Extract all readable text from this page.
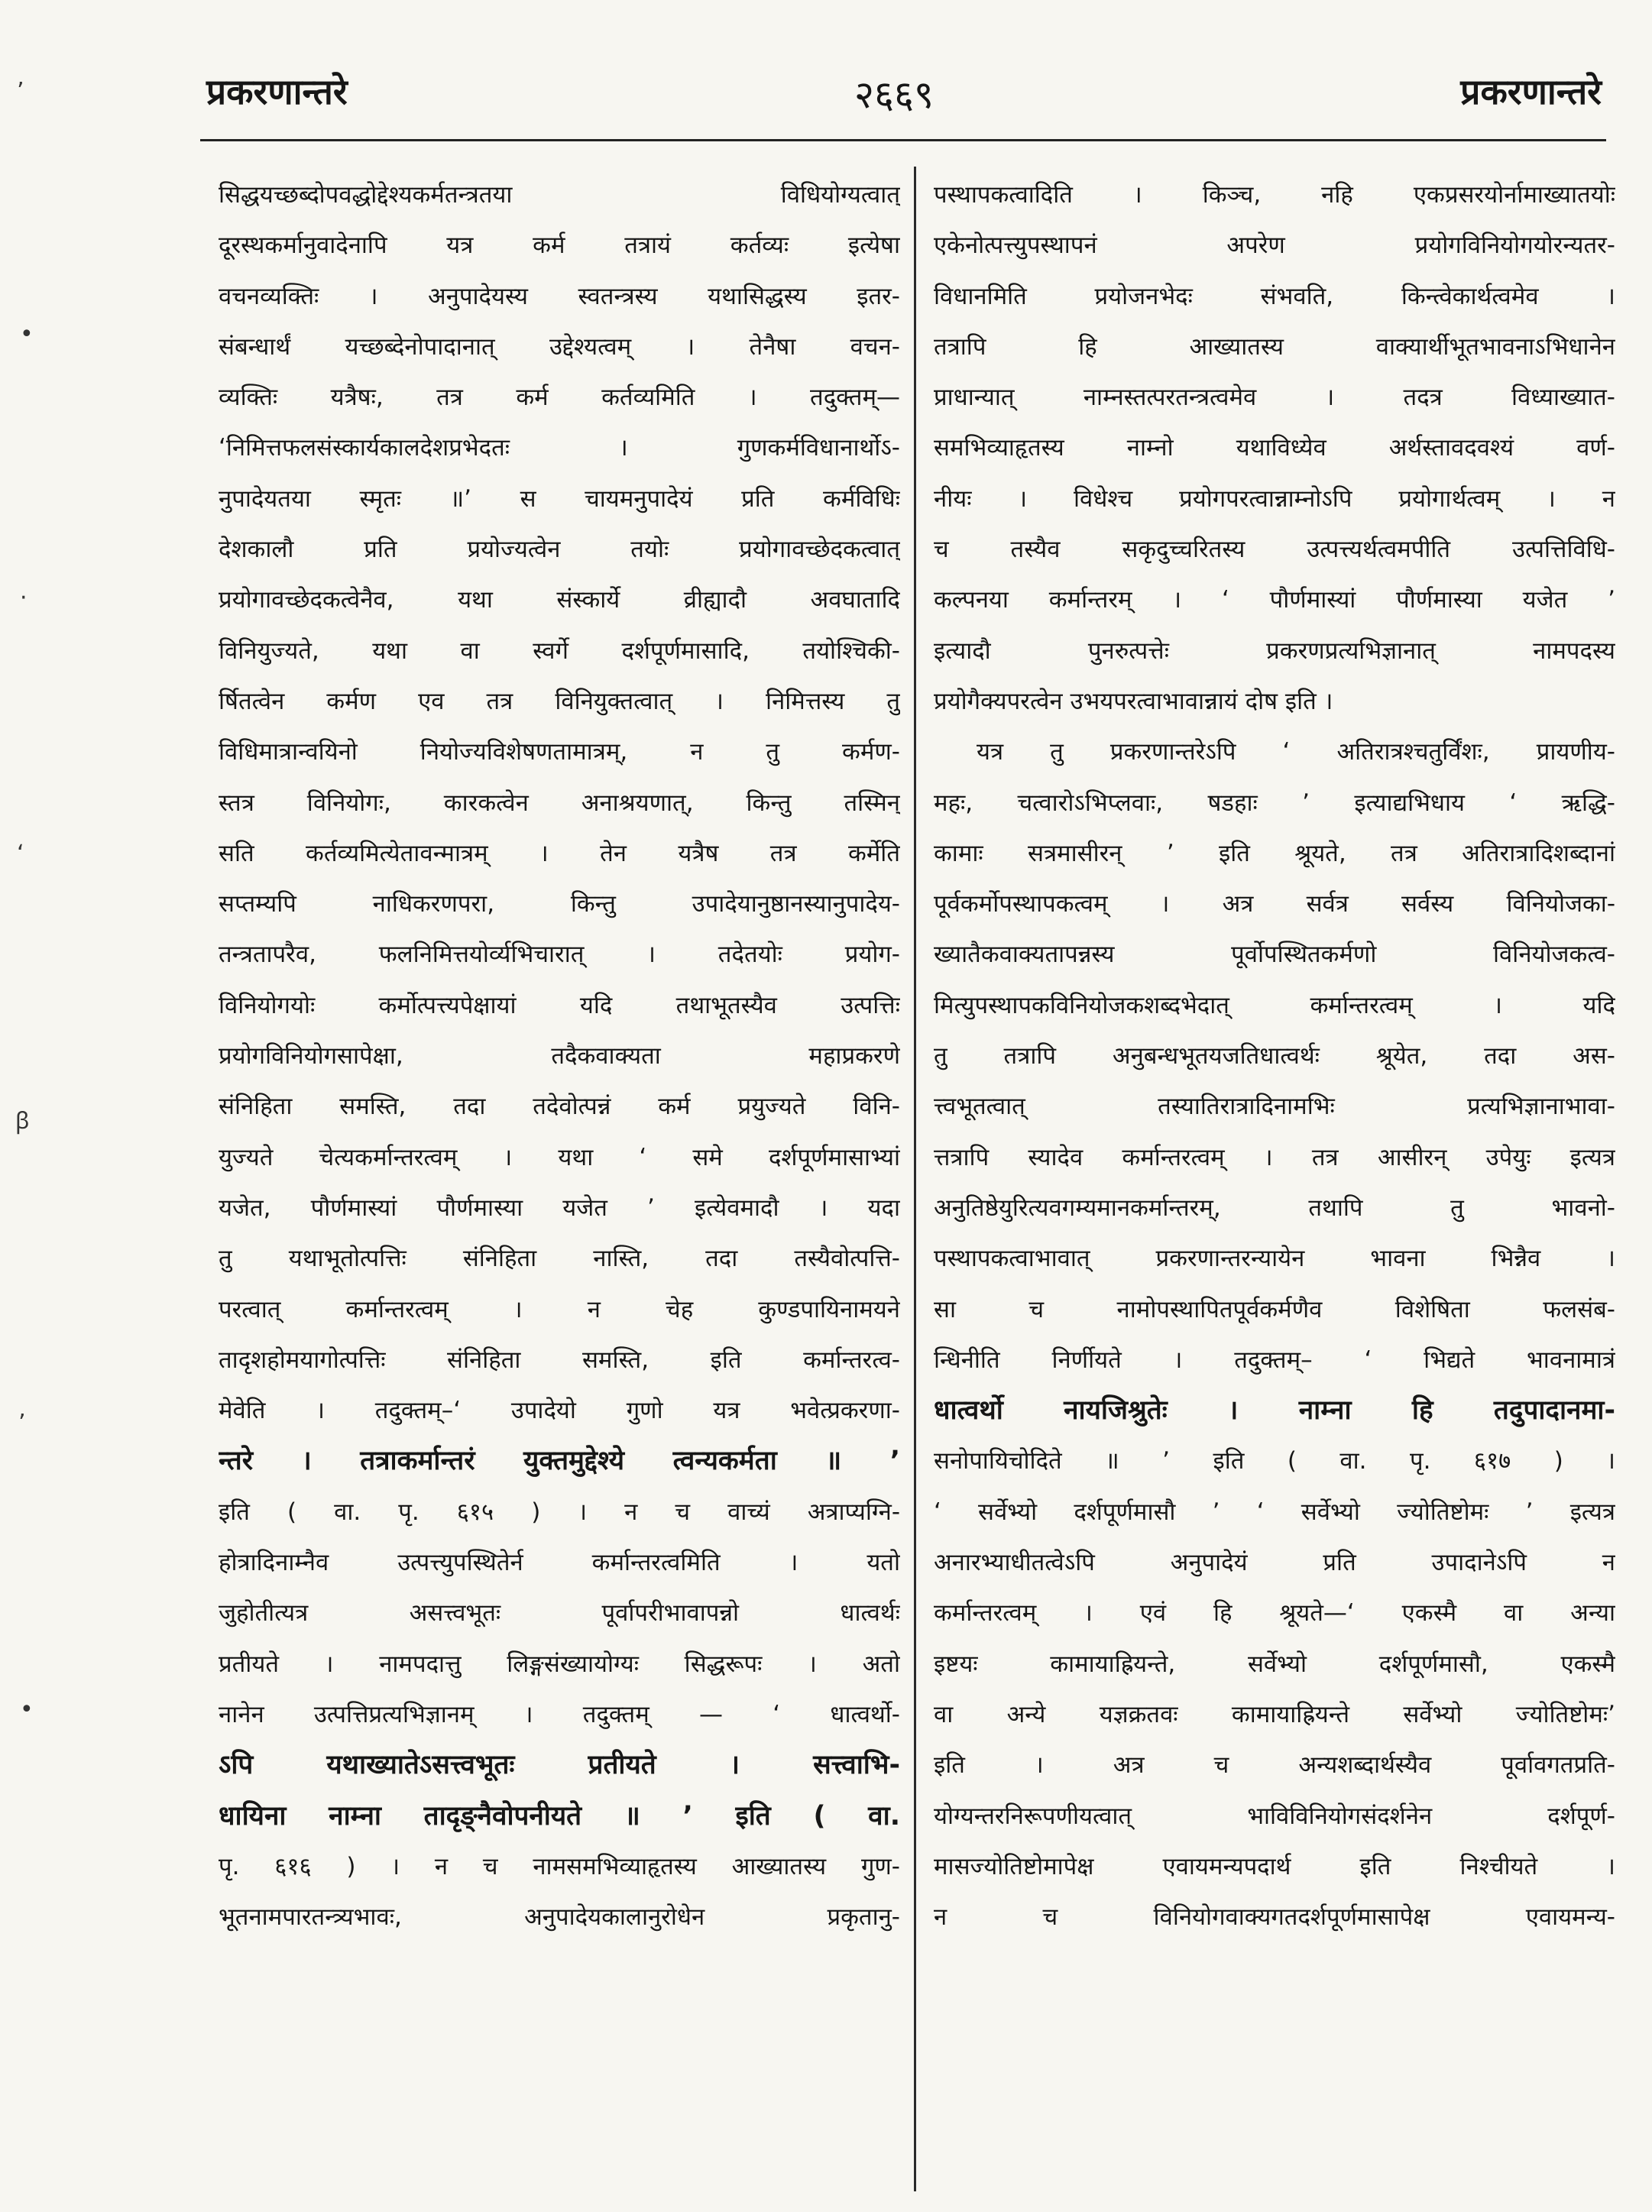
ʼ
•
·
ʻ
ꞵ
ʼ
•
प्रकरणान्तरे	२६६९	प्रकरणान्तरे
सिद्धयच्छब्दोपवद्धोद्देश्यकर्मतन्त्रतया विधियोग्यत्वात्
दूरस्थकर्मानुवादेनापि यत्र कर्म तत्रायं कर्तव्यः इत्येषा
वचनव्यक्तिः । अनुपादेयस्य स्वतन्त्रस्य यथासिद्धस्य इतर-
संबन्धार्थं यच्छब्देनोपादानात् उद्देश्यत्वम् । तेनैषा वचन-
व्यक्तिः यत्रैषः, तत्र कर्म कर्तव्यमिति । तदुक्तम्—
‘निमित्तफलसंस्कार्यकालदेशप्रभेदतः । गुणकर्मविधानार्थोऽ-
नुपादेयतया स्मृतः ॥’ स चायमनुपादेयं प्रति कर्मविधिः
देशकालौ प्रति प्रयोज्यत्वेन तयोः प्रयोगावच्छेदकत्वात्
प्रयोगावच्छेदकत्वेनैव, यथा संस्कार्ये व्रीह्यादौ अवघातादि
विनियुज्यते, यथा वा स्वर्गे दर्शपूर्णमासादि, तयोश्चिकी-
र्षितत्वेन कर्मण एव तत्र विनियुक्तत्वात् । निमित्तस्य तु
विधिमात्रान्वयिनो नियोज्यविशेषणतामात्रम्, न तु कर्मण-
स्तत्र विनियोगः, कारकत्वेन अनाश्रयणात्, किन्तु तस्मिन्
सति कर्तव्यमित्येतावन्मात्रम् । तेन यत्रैष तत्र कर्मेति
सप्तम्यपि नाधिकरणपरा, किन्तु उपादेयानुष्ठानस्यानुपादेय-
तन्त्रतापरैव, फलनिमित्तयोर्व्यभिचारात् । तदेतयोः प्रयोग-
विनियोगयोः कर्मोत्पत्त्यपेक्षायां यदि तथाभूतस्यैव उत्पत्तिः
प्रयोगविनियोगसापेक्षा, तदैकवाक्यता महाप्रकरणे
संनिहिता समस्ति, तदा तदेवोत्पन्नं कर्म प्रयुज्यते विनि-
युज्यते चेत्यकर्मान्तरत्वम् । यथा ‘ समे दर्शपूर्णमासाभ्यां
यजेत, पौर्णमास्यां पौर्णमास्या यजेत ’ इत्येवमादौ । यदा
तु यथाभूतोत्पत्तिः संनिहिता नास्ति, तदा तस्यैवोत्पत्ति-
परत्वात् कर्मान्तरत्वम् । न चेह कुण्डपायिनामयने
तादृशहोमयागोत्पत्तिः संनिहिता समस्ति, इति कर्मान्तरत्व-
मेवेति । तदुक्तम्–‘ उपादेयो गुणो यत्र भवेत्प्रकरणा-
न्तरे । तत्राकर्मान्तरं युक्तमुद्देश्ये त्वन्यकर्मता ॥ ’
इति ( वा. पृ. ६१५ ) । न च वाच्यं अत्राप्यग्नि-
होत्रादिनाम्नैव उत्पत्त्युपस्थितेर्न कर्मान्तरत्वमिति । यतो
जुहोतीत्यत्र असत्त्वभूतः पूर्वापरीभावापन्नो धात्वर्थः
प्रतीयते । नामपदात्तु लिङ्गसंख्यायोग्यः सिद्धरूपः । अतो
नानेन उत्पत्तिप्रत्यभिज्ञानम् । तदुक्तम् — ‘ धात्वर्थो-
ऽपि यथाख्यातेऽसत्त्वभूतः प्रतीयते । सत्त्वाभि-
धायिना नाम्ना तादृङ्नैवोपनीयते ॥ ’ इति ( वा.
पृ. ६१६ ) । न च नामसमभिव्याहृतस्य आख्यातस्य गुण-
भूतनामपारतन्त्र्यभावः, अनुपादेयकालानुरोधेन प्रकृतानु-
पस्थापकत्वादिति । किञ्च, नहि एकप्रसरयोर्नामाख्यातयोः
एकेनोत्पत्त्युपस्थापनं अपरेण प्रयोगविनियोगयोरन्यतर-
विधानमिति प्रयोजनभेदः संभवति, किन्त्वेकार्थत्वमेव ।
तत्रापि हि आख्यातस्य वाक्यार्थीभूतभावनाऽभिधानेन
प्राधान्यात् नाम्नस्तत्परतन्त्रत्वमेव । तदत्र विध्याख्यात-
समभिव्याहृतस्य नाम्नो यथाविध्येव अर्थस्तावदवश्यं वर्ण-
नीयः । विधेश्च प्रयोगपरत्वान्नाम्नोऽपि प्रयोगार्थत्वम् । न
च तस्यैव सकृदुच्चरितस्य उत्पत्त्यर्थत्वमपीति उत्पत्तिविधि-
कल्पनया कर्मान्तरम् । ‘ पौर्णमास्यां पौर्णमास्या यजेत ’
इत्यादौ पुनरुत्पत्तेः प्रकरणप्रत्यभिज्ञानात् नामपदस्य
प्रयोगैक्यपरत्वेन उभयपरत्वाभावान्नायं दोष इति ।
यत्र तु प्रकरणान्तरेऽपि ‘ अतिरात्रश्चतुर्विंशः, प्रायणीय-
महः, चत्वारोऽभिप्लवाः, षडहाः ’ इत्याद्यभिधाय ‘ ऋद्धि-
कामाः सत्रमासीरन् ’ इति श्रूयते, तत्र अतिरात्रादिशब्दानां
पूर्वकर्मोपस्थापकत्वम् । अत्र सर्वत्र सर्वस्य विनियोजका-
ख्यातैकवाक्यतापन्नस्य पूर्वोपस्थितकर्मणो विनियोजकत्व-
मित्युपस्थापकविनियोजकशब्दभेदात् कर्मान्तरत्वम् । यदि
तु तत्रापि अनुबन्धभूतयजतिधात्वर्थः श्रूयेत, तदा अस-
त्त्वभूतत्वात् तस्यातिरात्रादिनामभिः प्रत्यभिज्ञानाभावा-
त्तत्रापि स्यादेव कर्मान्तरत्वम् । तत्र आसीरन् उपेयुः इत्यत्र
अनुतिष्ठेयुरित्यवगम्यमानकर्मान्तरम्, तथापि तु भावनो-
पस्थापकत्वाभावात् प्रकरणान्तरन्यायेन भावना भिन्नैव ।
सा च नामोपस्थापितपूर्वकर्मणैव विशेषिता फलसंब-
न्धिनीति निर्णीयते । तदुक्तम्– ‘ भिद्यते भावनामात्रं
धात्वर्थो नायजिश्रुतेः । नाम्ना हि तदुपादानमा-
सनोपायिचोदिते ॥ ’ इति ( वा. पृ. ६१७ ) ।
‘ सर्वेभ्यो दर्शपूर्णमासौ ’ ‘ सर्वेभ्यो ज्योतिष्टोमः ’ इत्यत्र
अनारभ्याधीतत्वेऽपि अनुपादेयं प्रति उपादानेऽपि न
कर्मान्तरत्वम् । एवं हि श्रूयते—‘ एकस्मै वा अन्या
इष्टयः कामायाह्रियन्ते, सर्वेभ्यो दर्शपूर्णमासौ, एकस्मै
वा अन्ये यज्ञक्रतवः कामायाह्रियन्ते सर्वेभ्यो ज्योतिष्टोमः’
इति । अत्र च अन्यशब्दार्थस्यैव पूर्वावगतप्रति-
योग्यन्तरनिरूपणीयत्वात् भाविविनियोगसंदर्शनेन दर्शपूर्ण-
मासज्योतिष्टोमापेक्ष एवायमन्यपदार्थ इति निश्चीयते ।
न च विनियोगवाक्यगतदर्शपूर्णमासापेक्ष एवायमन्य-
